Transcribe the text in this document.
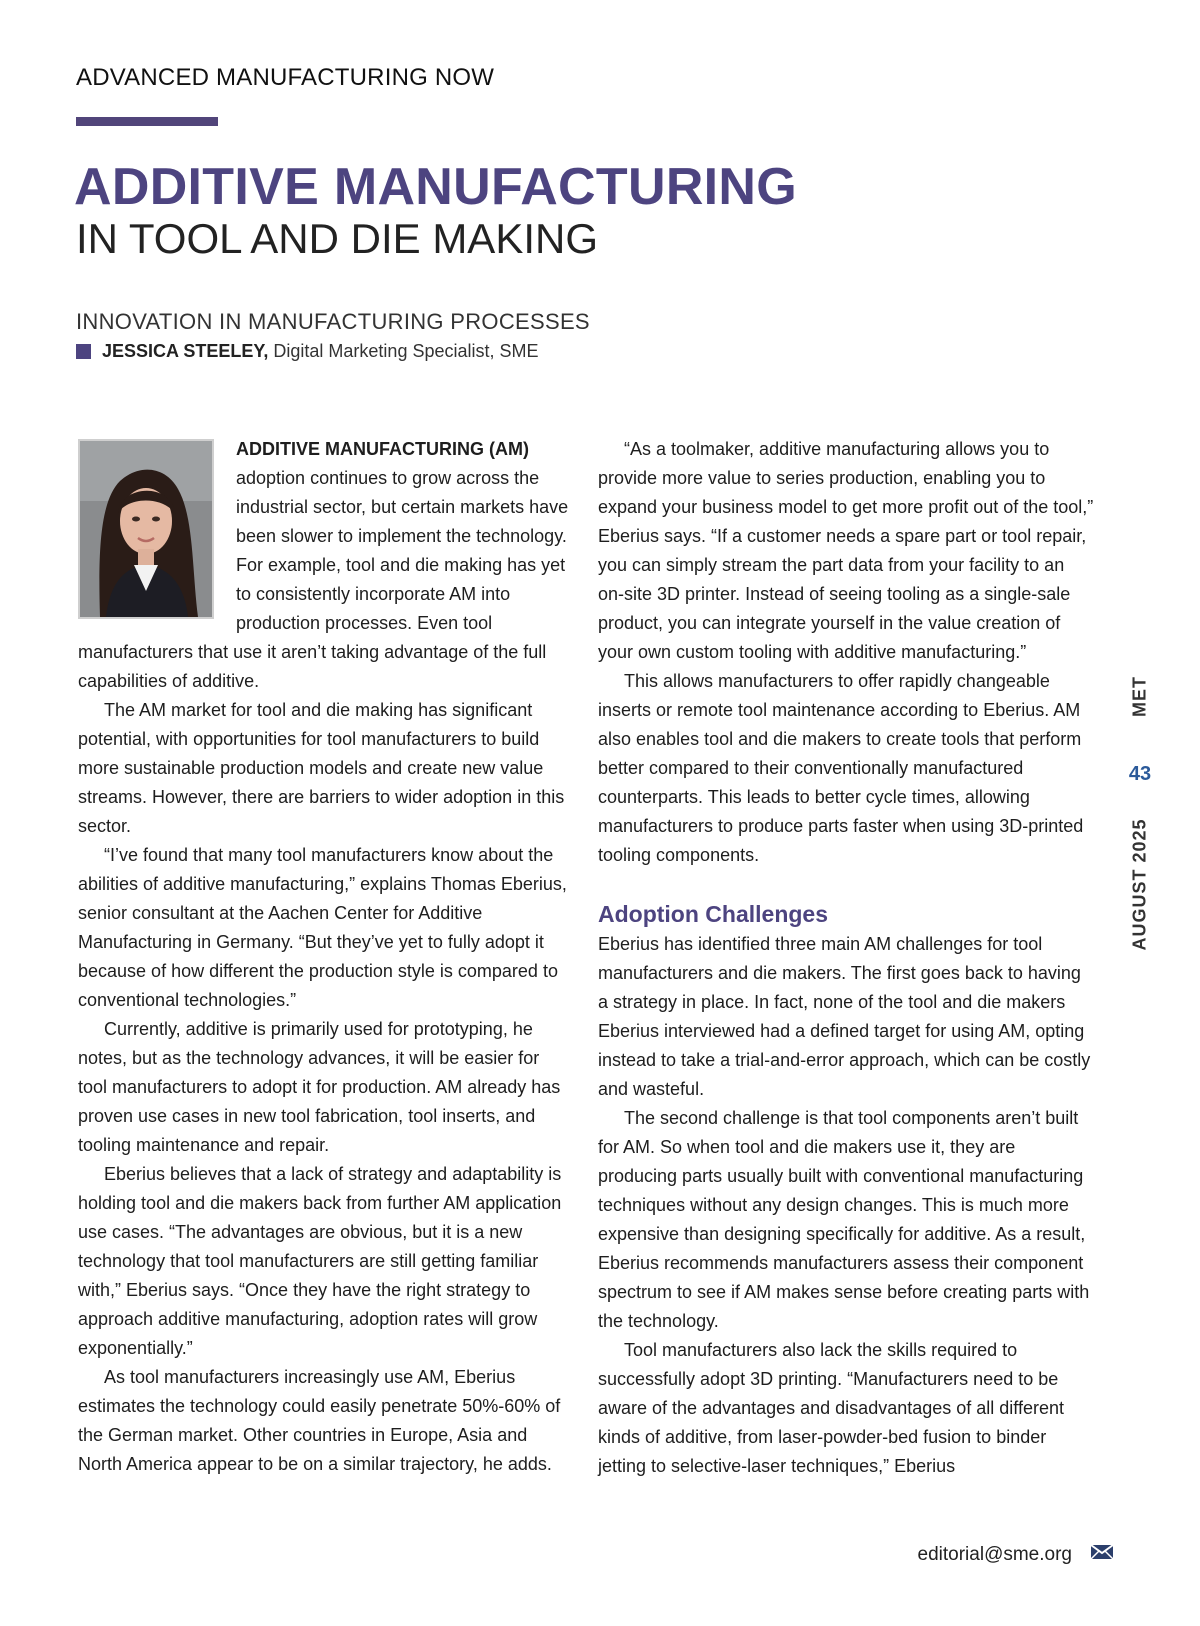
ADVANCED MANUFACTURING NOW
ADDITIVE MANUFACTURING
IN TOOL AND DIE MAKING
INNOVATION IN MANUFACTURING PROCESSES
JESSICA STEELEY,
Digital Marketing Specialist, SME

ADDITIVE MANUFACTURING (AM)
adoption continues to grow across the industrial sector, but certain markets have been slower to implement the technology. For example, tool and die making has yet to consistently incorporate AM into production processes. Even tool manufacturers that use it aren’t taking advantage of the full capabilities of additive.

The AM market for tool and die making has significant potential, with opportunities for tool manufacturers to build more sustainable production models and create new value streams. However, there are barriers to wider adoption in this sector.

“I’ve found that many tool manufacturers know about the abilities of additive manufacturing,” explains Thomas Eberius, senior consultant at the Aachen Center for Additive Manufacturing in Germany. “But they’ve yet to fully adopt it because of how different the production style is compared to conventional technologies.”

Currently, additive is primarily used for prototyping, he notes, but as the technology advances, it will be easier for tool manufacturers to adopt it for production. AM already has proven use cases in new tool fabrication, tool inserts, and tooling maintenance and repair.

Eberius believes that a lack of strategy and adaptability is holding tool and die makers back from further AM application use cases. “The advantages are obvious, but it is a new technology that tool manufacturers are still getting familiar with,” Eberius says. “Once they have the right strategy to approach additive manufacturing, adoption rates will grow exponentially.”

As tool manufacturers increasingly use AM, Eberius estimates the technology could easily penetrate 50%-60% of the German market. Other countries in Europe, Asia and North America appear to be on a similar trajectory, he adds.

“As a toolmaker, additive manufacturing allows you to provide more value to series production, enabling you to expand your business model to get more profit out of the tool,” Eberius says. “If a customer needs a spare part or tool repair, you can simply stream the part data from your facility to an on-site 3D printer. Instead of seeing tooling as a single-sale product, you can integrate yourself in the value creation of your own custom tooling with additive manufacturing.”

This allows manufacturers to offer rapidly changeable inserts or remote tool maintenance according to Eberius. AM also enables tool and die makers to create tools that perform better compared to their conventionally manufactured counterparts. This leads to better cycle times, allowing manufacturers to produce parts faster when using 3D-printed tooling components.

Adoption Challenges

Eberius has identified three main AM challenges for tool manufacturers and die makers. The first goes back to having a strategy in place. In fact, none of the tool and die makers Eberius interviewed had a defined target for using AM, opting instead to take a trial-and-error approach, which can be costly and wasteful.

The second challenge is that tool components aren’t built for AM. So when tool and die makers use it, they are producing parts usually built with conventional manufacturing techniques without any design changes. This is much more expensive than designing specifically for additive. As a result, Eberius recommends manufacturers assess their component spectrum to see if AM makes sense before creating parts with the technology.

Tool manufacturers also lack the skills required to successfully adopt 3D printing. “Manufacturers need to be aware of the advantages and disadvantages of all different kinds of additive, from laser-powder-bed fusion to binder jetting to selective-laser techniques,” Eberius

MET
43
AUGUST 2025
editorial@sme.org
